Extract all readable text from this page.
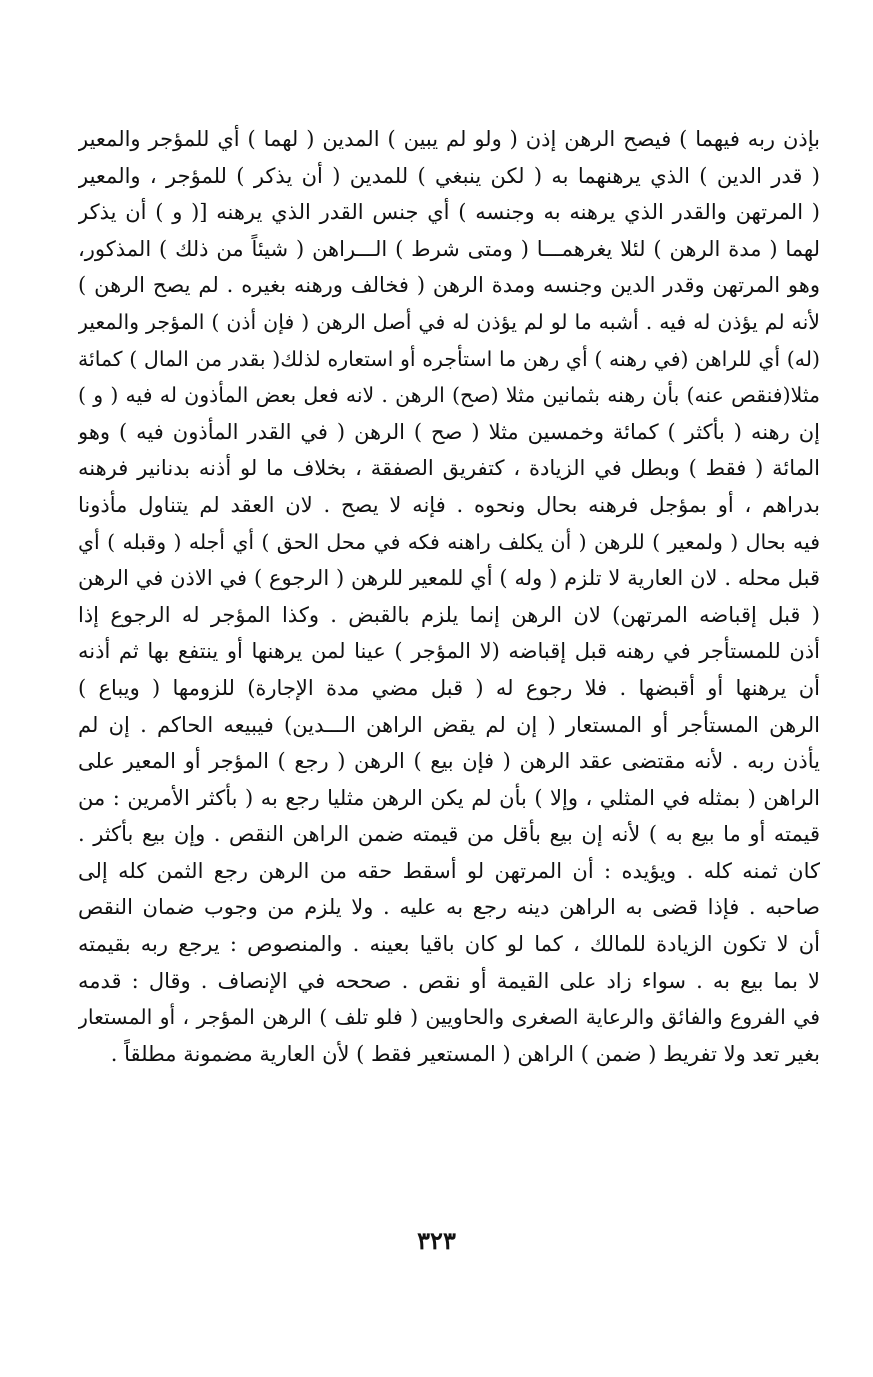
بإذن ربه فيهما ) فيصح الرهن إذن ( ولو لم يبين ) المدين ( لهما ) أي للمؤجر والمعير
( قدر الدين ) الذي يرهنهما به ( لكن ينبغي ) للمدين ( أن يذكر ) للمؤجر ، والمعير
( المرتهن والقدر الذي يرهنه به وجنسه ) أي جنس القدر الذي يرهنه [( و ) أن يذكر
لهما ( مدة الرهن ) لئلا يغرهمـــا ( ومتى شرط ) الـــراهن ( شيئاً من ذلك ) المذكور،
وهو المرتهن وقدر الدين وجنسه ومدة الرهن ( فخالف ورهنه بغيره . لم يصح الرهن )
لأنه لم يؤذن له فيه . أشبه ما لو لم يؤذن له في أصل الرهن ( فإن أذن ) المؤجر والمعير
(له) أي للراهن (في رهنه ) أي رهن ما استأجره أو استعاره لذلك( بقدر من المال ) كمائة
مثلا(فنقص عنه) بأن رهنه بثمانين مثلا (صح) الرهن . لانه فعل بعض المأذون له فيه ( و )
إن رهنه ( بأكثر ) كمائة وخمسين مثلا ( صح ) الرهن ( في القدر المأذون فيه ) وهو
المائة ( فقط ) وبطل في الزيادة ، كتفريق الصفقة ، بخلاف ما لو أذنه بدنانير فرهنه
بدراهم ، أو بمؤجل فرهنه بحال ونحوه . فإنه لا يصح . لان العقد لم يتناول مأذونا
فيه بحال ( ولمعير ) للرهن ( أن يكلف راهنه فكه في محل الحق ) أي أجله ( وقبله ) أي
قبل محله . لان العارية لا تلزم ( وله ) أي للمعير للرهن ( الرجوع ) في الاذن في الرهن
( قبل إقباضه المرتهن) لان الرهن إنما يلزم بالقبض . وكذا المؤجر له الرجوع إذا
أذن للمستأجر في رهنه قبل إقباضه (لا المؤجر ) عينا لمن يرهنها أو ينتفع بها ثم أذنه
أن يرهنها أو أقبضها . فلا رجوع له ( قبل مضي مدة الإجارة) للزومها ( ويباع )
الرهن المستأجر أو المستعار ( إن لم يقض الراهن الـــدين) فيبيعه الحاكم . إن لم
يأذن ربه . لأنه مقتضى عقد الرهن ( فإن بيع ) الرهن ( رجع ) المؤجر أو المعير على
الراهن ( بمثله في المثلي ، وإلا ) بأن لم يكن الرهن مثليا رجع به ( بأكثر الأمرين : من
قيمته أو ما بيع به ) لأنه إن بيع بأقل من قيمته ضمن الراهن النقص . وإن بيع بأكثر .
كان ثمنه كله . ويؤيده : أن المرتهن لو أسقط حقه من الرهن رجع الثمن كله إلى
صاحبه . فإذا قضى به الراهن دينه رجع به عليه . ولا يلزم من وجوب ضمان النقص
أن لا تكون الزيادة للمالك ، كما لو كان باقيا بعينه . والمنصوص : يرجع ربه بقيمته
لا بما بيع به . سواء زاد على القيمة أو نقص . صححه في الإنصاف . وقال : قدمه
في الفروع والفائق والرعاية الصغرى والحاويين ( فلو تلف ) الرهن المؤجر ، أو المستعار
بغير تعد ولا تفريط ( ضمن ) الراهن ( المستعير فقط ) لأن العارية مضمونة مطلقاً .
٣٢٣
